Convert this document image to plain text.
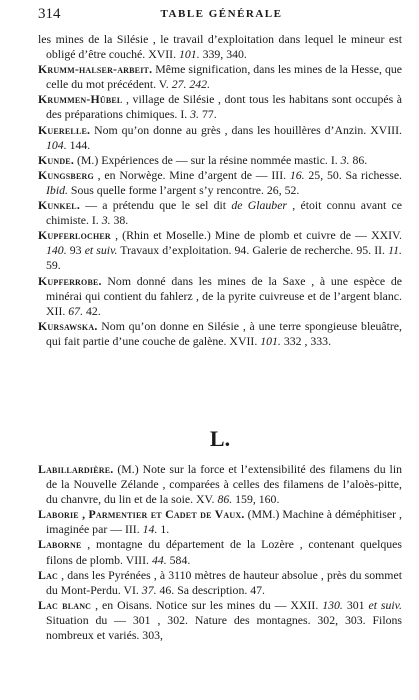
314	TABLE GÉNÉRALE
les mines de la Silésie , le travail d’exploitation dans lequel le mineur est obligé d’être couché. XVII. 101. 339, 340.
Krumm-halser-arbeit. Même signification, dans les mines de la Hesse, que celle du mot précédent. V. 27. 242.
Krummen-Hübel , village de Silésie , dont tous les habitans sont occupés à des préparations chimiques. I. 3. 77.
Kuerelle. Nom qu’on donne au grès , dans les houillères d’Anzin. XVIII. 104. 144.
Kunde. (M.) Expériences de — sur la résine nommée mastic. I. 3. 86.
Kungsberg , en Norwège. Mine d’argent de — III. 16. 25, 50. Sa richesse. Ibid. Sous quelle forme l’argent s’y rencontre. 26, 52.
Kunkel. — a prétendu que le sel dit de Glauber , étoit connu avant ce chimiste. I. 3. 38.
Kupferlocher , (Rhin et Moselle.) Mine de plomb et cuivre de — XXIV. 140. 93 et suiv. Travaux d’exploitation. 94. Galerie de recherche. 95. II. 11. 59.
Kupferrobe. Nom donné dans les mines de la Saxe , à une espèce de minérai qui contient du fahlerz , de la pyrite cuivreuse et de l’argent blanc. XII. 67. 42.
Kursawska. Nom qu’on donne en Silésie , à une terre spongieuse bleuâtre, qui fait partie d’une couche de galène. XVII. 101. 332 , 333.
L.
Labillardière. (M.) Note sur la force et l’extensibilité des filamens du lin de la Nouvelle Zélande , comparées à celles des filamens de l’aloès-pitte, du chanvre, du lin et de la soie. XV. 86. 159, 160.
Laborie , Parmentier et Cadet de Vaux. (MM.) Machine à déméphitiser , imaginée par — III. 14. 1.
Laborne , montagne du département de la Lozère , contenant quelques filons de plomb. VIII. 44. 584.
Lac , dans les Pyrénées , à 3110 mètres de hauteur absolue , près du sommet du Mont-Perdu. VI. 37. 46. Sa description. 47.
Lac blanc , en Oisans. Notice sur les mines du — XXII. 130. 301 et suiv. Situation du — 301 , 302. Nature des montagnes. 302, 303. Filons nombreux et variés. 303,
